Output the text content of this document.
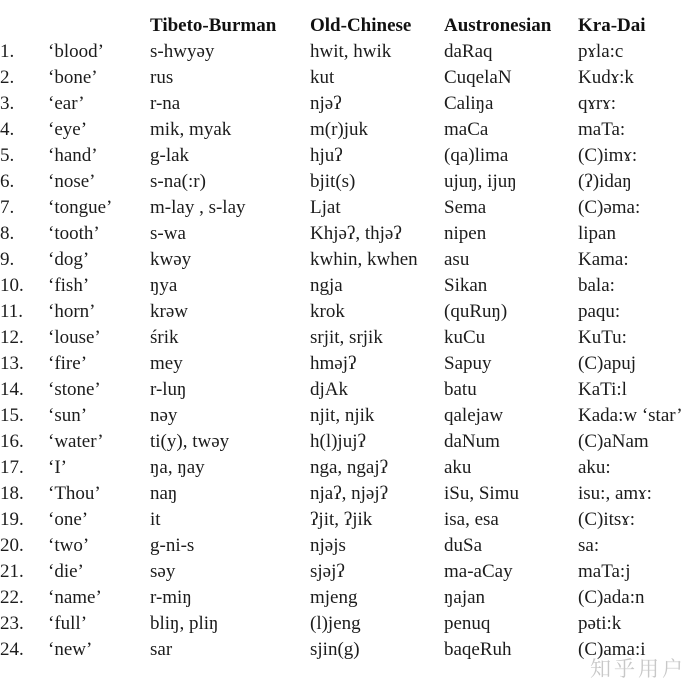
		Tibeto-Burman	Old-Chinese	Austronesian	Kra-Dai
1.	‘blood’	s-hwyəy	hwit, hwik	daRaq	pɤla:c
2.	‘bone’	rus	kut	CuqelaN	Kudɤ:k
3.	‘ear’	r-na	njəʔ	Caliŋa	qɤrɤ:
4.	‘eye’	mik, myak	m(r)juk	maCa	maTa:
5.	‘hand’	g-lak	hjuʔ	(qa)lima	(C)imɤ:
6.	‘nose’	s-na(:r)	bjit(s)	ujuŋ, ijuŋ	(ʔ)idaŋ
7.	‘tongue’	m-lay , s-lay	Ljat	Sema	(C)əma:
8.	‘tooth’	s-wa	Khjəʔ, thjəʔ	nipen	lipan
9.	‘dog’	kwəy	kwhin, kwhen	asu	Kama:
10.	‘fish’	ŋya	ngja	Sikan	bala:
11.	‘horn’	krəw	krok	(quRuŋ)	paqu:
12.	‘louse’	śrik	srjit, srjik	kuCu	KuTu:
13.	‘fire’	mey	hməjʔ	Sapuy	(C)apuj
14.	‘stone’	r-luŋ	djAk	batu	KaTi:l
15.	‘sun’	nəy	njit, njik	qalejaw	Kada:w ‘star’
16.	‘water’	ti(y), twəy	h(l)jujʔ	daNum	(C)aNam
17.	‘I’	ŋa, ŋay	nga, ngajʔ	aku	aku:
18.	‘Thou’	naŋ	njaʔ, njəjʔ	iSu, Simu	isu:, amɤ:
19.	‘one’	it	ʔjit, ʔjik	isa, esa	(C)itsɤ:
20.	‘two’	g-ni-s	njəjs	duSa	sa:
21.	‘die’	səy	sjəjʔ	ma-aCay	maTa:j
22.	‘name’	r-miŋ	mjeng	ŋajan	(C)ada:n
23.	‘full’	bliŋ, pliŋ	(l)jeng	penuq	pəti:k
24.	‘new’	sar	sjin(g)	baqeRuh	(C)ama:i
知乎用户
